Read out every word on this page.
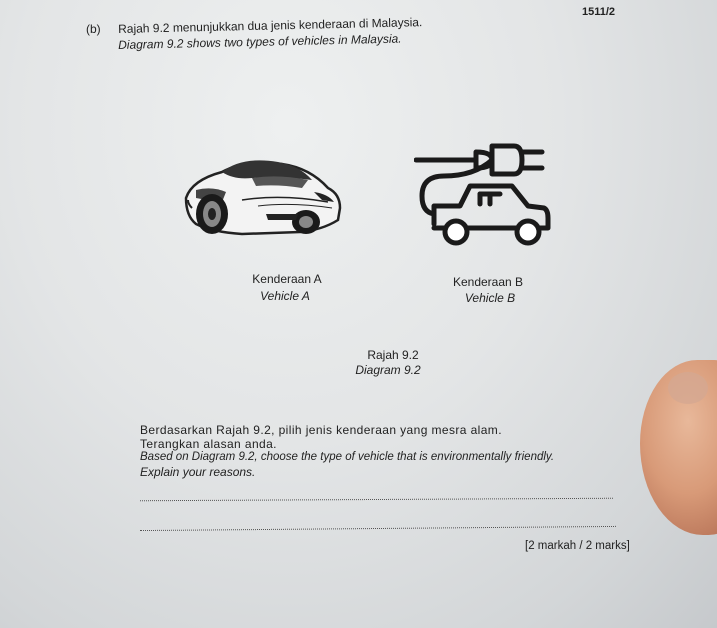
1511/2
(b) Rajah 9.2 menunjukkan dua jenis kenderaan di Malaysia.
Diagram 9.2 shows two types of vehicles in Malaysia.
Kenderaan A
Vehicle A
Kenderaan B
Vehicle B
Rajah 9.2
Diagram 9.2
Berdasarkan Rajah 9.2, pilih jenis kenderaan yang mesra alam.
Terangkan alasan anda.
Based on Diagram 9.2, choose the type of vehicle that is environmentally friendly.
Explain your reasons.
[2 markah / 2 marks]
